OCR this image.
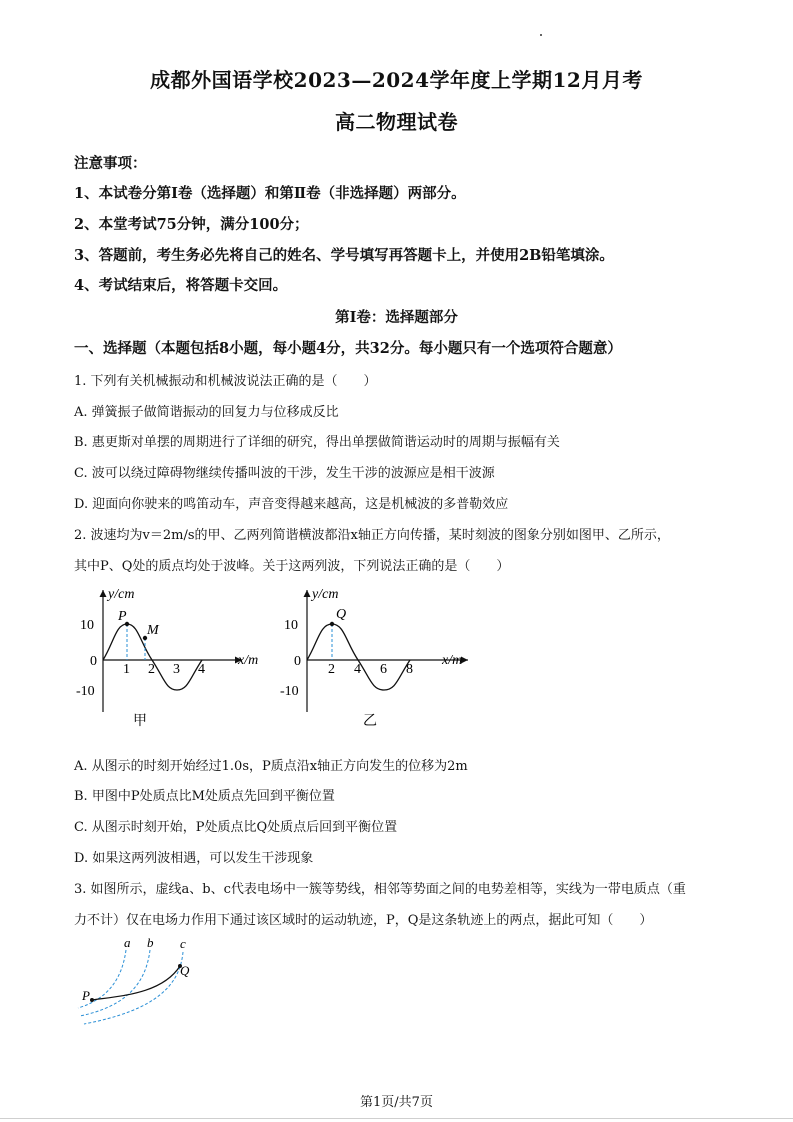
成都外国语学校2023—2024学年度上学期12月月考
高二物理试卷
注意事项：
1、本试卷分第Ⅰ卷（选择题）和第Ⅱ卷（非选择题）两部分。
2、本堂考试75分钟，满分100分；
3、答题前，考生务必先将自己的姓名、学号填写再答题卡上，并使用2B铅笔填涂。
4、考试结束后，将答题卡交回。
第Ⅰ卷：选择题部分
一、选择题（本题包括8小题，每小题4分，共32分。每小题只有一个选项符合题意）
1. 下列有关机械振动和机械波说法正确的是（　　）
A. 弹簧振子做简谐振动的回复力与位移成反比
B. 惠更斯对单摆的周期进行了详细的研究，得出单摆做简谐运动时的周期与振幅有关
C. 波可以绕过障碍物继续传播叫波的干涉，发生干涉的波源应是相干波源
D. 迎面向你驶来的鸣笛动车，声音变得越来越高，这是机械波的多普勒效应
2. 波速均为v＝2m/s的甲、乙两列简谐横波都沿x轴正方向传播，某时刻波的图象分别如图甲、乙所示，
其中P、Q处的质点均处于波峰。关于这两列波，下列说法正确的是（　　）
y/cm
x/m
P
M
10
0
-10
1 2 3 4
甲
y/cm
x/m
Q
10
0
-10
2 4 6 8
乙
A. 从图示的时刻开始经过1.0s，P质点沿x轴正方向发生的位移为2m
B. 甲图中P处质点比M处质点先回到平衡位置
C. 从图示时刻开始，P处质点比Q处质点后回到平衡位置
D. 如果这两列波相遇，可以发生干涉现象
3. 如图所示，虚线a、b、c代表电场中一簇等势线，相邻等势面之间的电势差相等，实线为一带电质点（重
力不计）仅在电场力作用下通过该区域时的运动轨迹，P，Q是这条轨迹上的两点，据此可知（　　）
a b c
P
Q
第1页/共7页
